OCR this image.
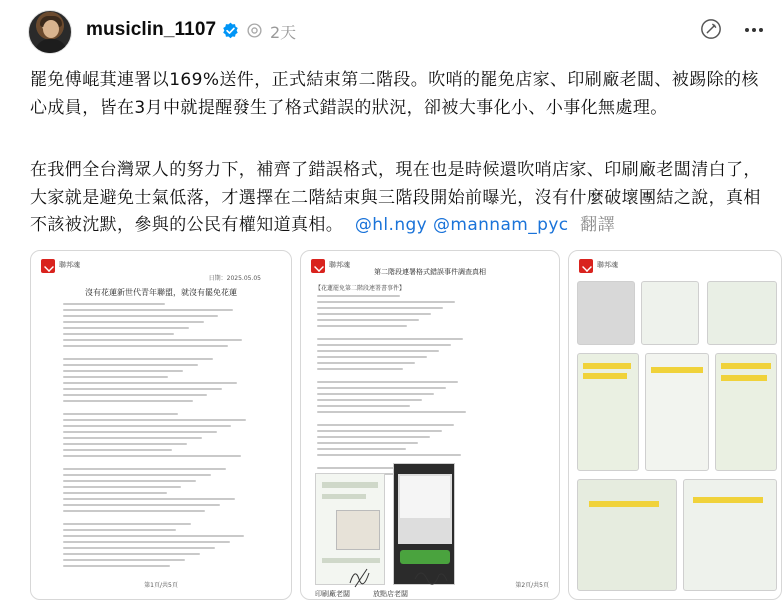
musiclin_1107	2天
罷免傅崐萁連署以169%送件，正式結束第二階段。吹哨的罷免店家、印刷廠老闆、被踢除的核心成員，皆在3月中就提醒發生了格式錯誤的狀況，卻被大事化小、小事化無處理。
在我們全台灣眾人的努力下，補齊了錯誤格式，現在也是時候還吹哨店家、印刷廠老闆清白了，大家就是避免士氣低落，才選擇在二階結束與三階段開始前曝光，沒有什麼破壞團結之說，真相不該被沈默，參與的公民有權知道真相。 @hl.ngy @mannam_pyc 翻譯
聯邦魂
日期：2025.05.05
沒有花蓮新世代青年聯盟，就沒有罷免花蓮
第1頁/共5頁
聯邦魂
第二階段連署格式錯誤事件調查真相
【花蓮罷免第二階段連署書事件】
印刷廠老闆	放點店老闆
第2頁/共5頁
聯邦魂
